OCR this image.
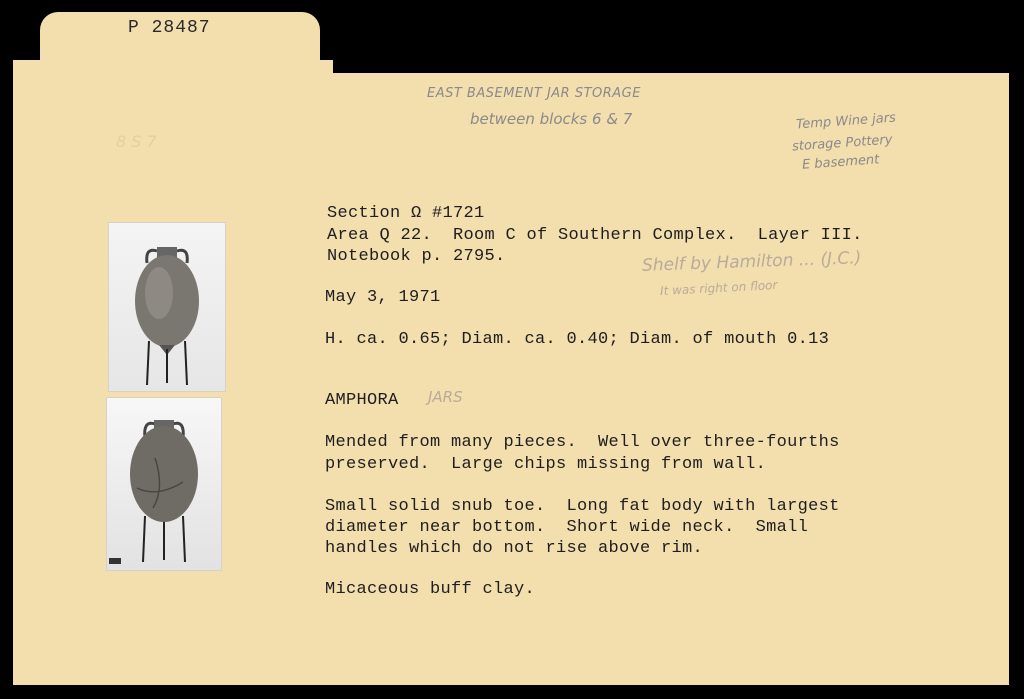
P 28487
EAST BASEMENT JAR STORAGE
between blocks 6 & 7	Temp Wine jars
storage Pottery
E basement
8 S 7
Shelf by Hamilton ... (J.C.)
It was right on floor
JARS
Section Ω #1721
Area Q 22.  Room C of Southern Complex.  Layer III.
Notebook p. 2795.
May 3, 1971
H. ca. 0.65; Diam. ca. 0.40; Diam. of mouth 0.13
AMPHORA
Mended from many pieces.  Well over three-fourths
preserved.  Large chips missing from wall.
Small solid snub toe.  Long fat body with largest
diameter near bottom.  Short wide neck.  Small
handles which do not rise above rim.
Micaceous buff clay.
